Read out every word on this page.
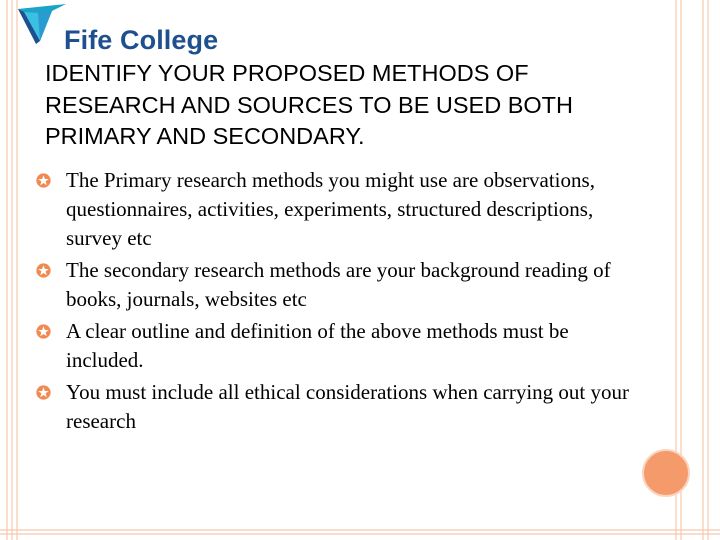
Fife College
IDENTIFY YOUR PROPOSED METHODS OF RESEARCH AND SOURCES TO BE USED BOTH PRIMARY AND SECONDARY.
The Primary research methods you might use are observations, questionnaires, activities, experiments, structured descriptions, survey etc
The secondary research methods are your background reading of books, journals, websites etc
A clear outline and definition of the above methods must be included.
You must include all ethical considerations when carrying out your research
